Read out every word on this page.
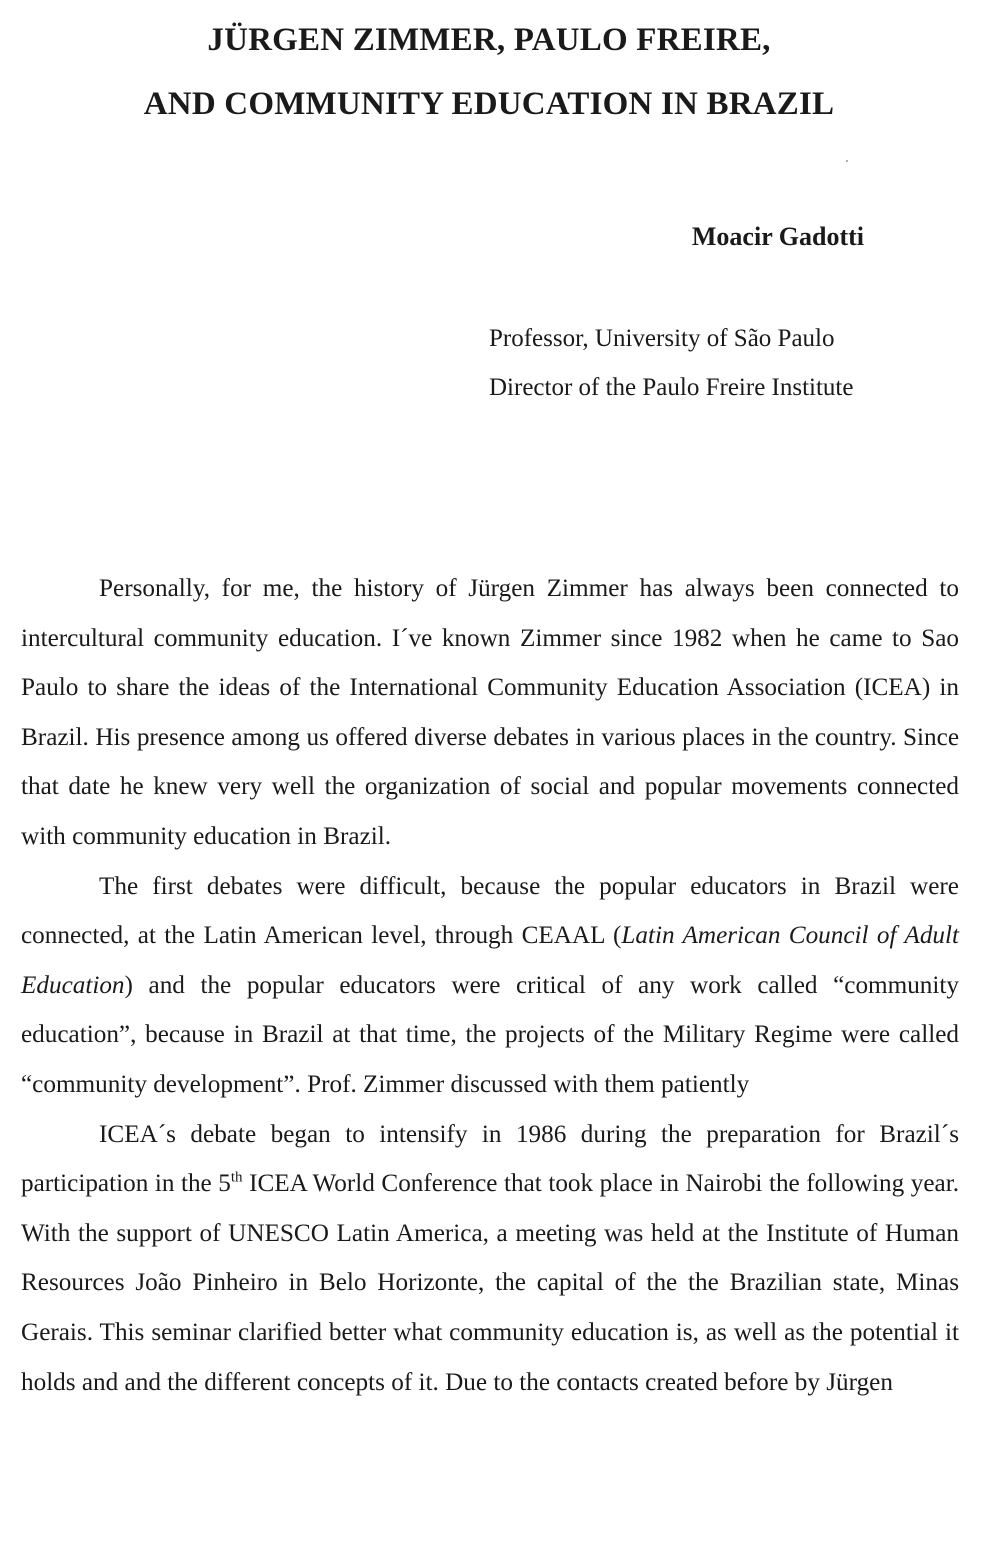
JÜRGEN ZIMMER, PAULO FREIRE,
AND COMMUNITY EDUCATION IN BRAZIL

Moacir Gadotti

Professor, University of São Paulo

Director of the Paulo Freire Institute

Personally, for me, the history of Jürgen Zimmer has always been connected to intercultural community education. I´ve known Zimmer since 1982 when he came to Sao Paulo to share the ideas of the International Community Education Association (ICEA) in Brazil. His presence among us offered diverse debates in various places in the country. Since that date he knew very well the organization of social and popular movements connected with community education in Brazil.

The first debates were difficult, because the popular educators in Brazil were connected, at the Latin American level, through CEAAL (Latin American Council of Adult Education) and the popular educators were critical of any work called “community education”, because in Brazil at that time, the projects of the Military Regime were called “community development”. Prof. Zimmer discussed with them patiently

ICEA´s debate began to intensify in 1986 during the preparation for Brazil´s participation in the 5th ICEA World Conference that took place in Nairobi the following year. With the support of UNESCO Latin America, a meeting was held at the Institute of Human Resources João Pinheiro in Belo Horizonte, the capital of the the Brazilian state, Minas Gerais. This seminar clarified better what community education is, as well as the potential it holds and and the different concepts of it. Due to the contacts created before by Jürgen
